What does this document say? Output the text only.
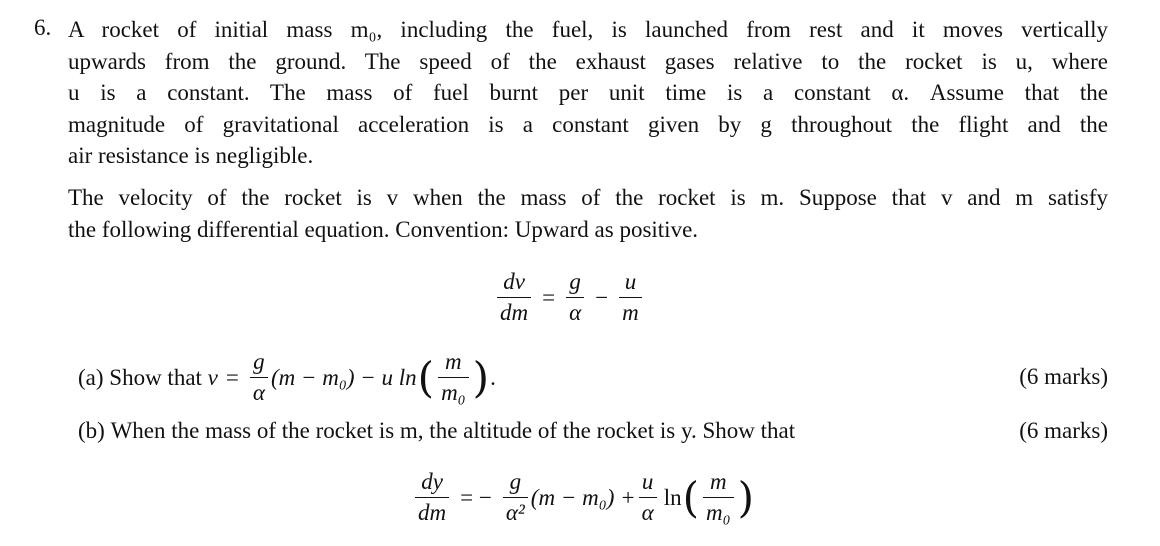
6. A rocket of initial mass m₀, including the fuel, is launched from rest and it moves vertically
upwards from the ground. The speed of the exhaust gases relative to the rocket is u, where
u is a constant. The mass of fuel burnt per unit time is a constant α. Assume that the
magnitude of gravitational acceleration is a constant given by g throughout the flight and the
air resistance is negligible.
The velocity of the rocket is v when the mass of the rocket is m. Suppose that v and m satisfy
the following differential equation. Convention: Upward as positive.
$\frac{dv}{dm} = \frac{g}{\alpha} - \frac{u}{m}$
(a)
Show that
$v = \frac{g}{\alpha} (m - m_0) - u$ ln ( $\frac{m}{\text{m₀}}$ ) .	(6 marks)
(b)
When the mass of the rocket is m, the altitude of the rocket is y. Show that	(6 marks)
$\frac{dy}{dm}$ = − $\frac{g}{\text{α²}} (m - m_0) + \frac{u}{\alpha}$ ln ( $\frac{m}{\text{m₀}}$ )
